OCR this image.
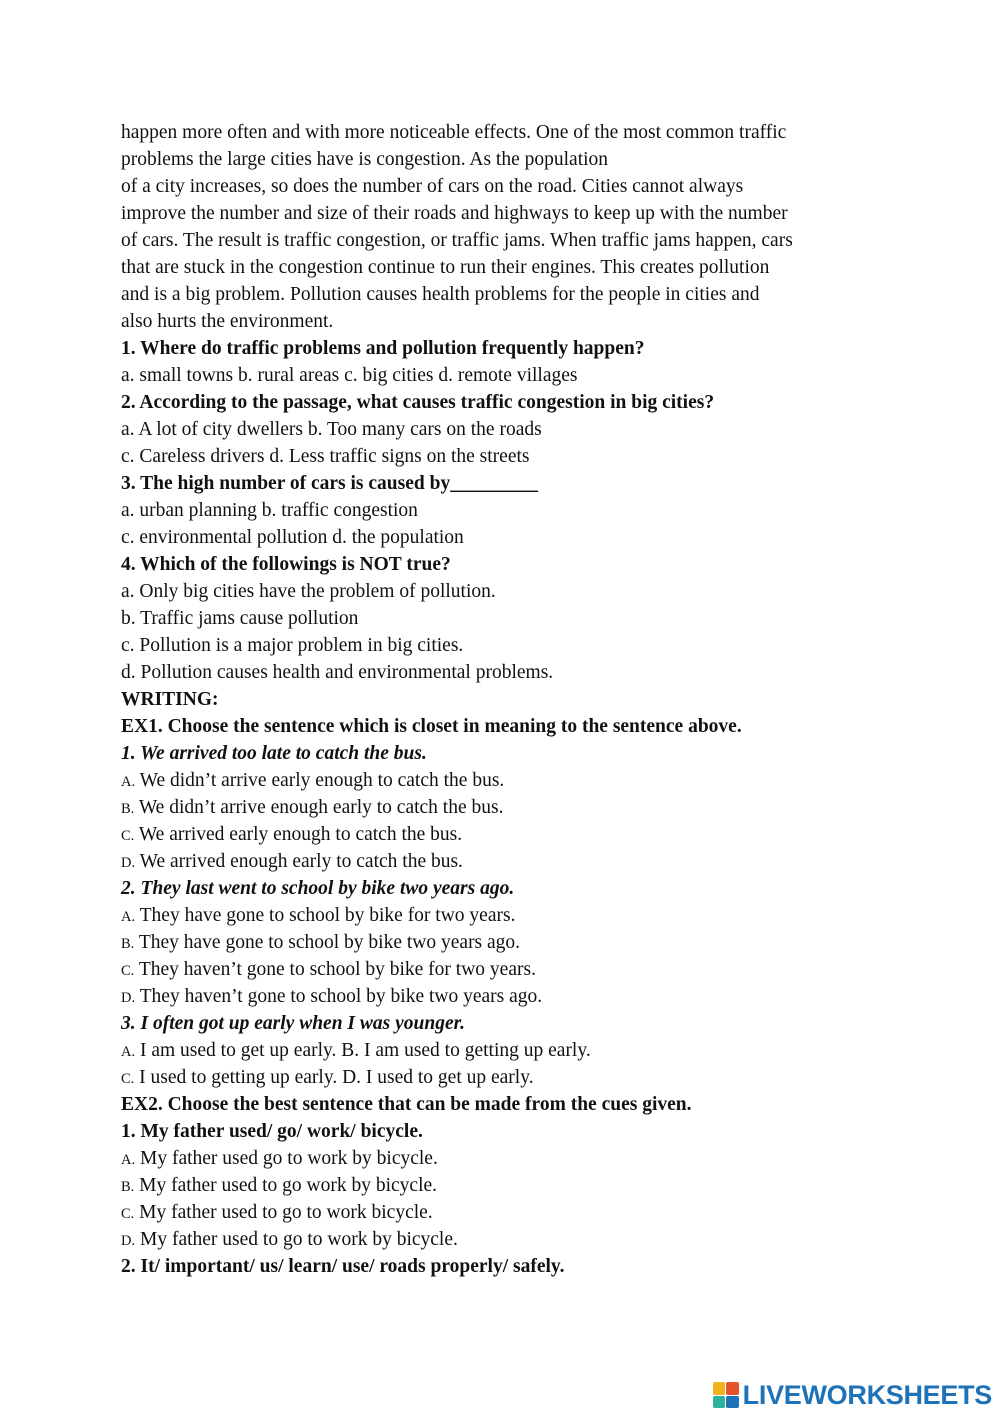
happen more often and with more noticeable effects. One of the most common traffic
problems the large cities have is congestion. As the population
of a city increases, so does the number of cars on the road. Cities cannot always
improve the number and size of their roads and highways to keep up with the number
of cars. The result is traffic congestion, or traffic jams. When traffic jams happen, cars
that are stuck in the congestion continue to run their engines. This creates pollution
and is a big problem. Pollution causes health problems for the people in cities and
also hurts the environment.
1. Where do traffic problems and pollution frequently happen?
a. small towns b. rural areas c. big cities d. remote villages
2. According to the passage, what causes traffic congestion in big cities?
a. A lot of city dwellers b. Too many cars on the roads
c. Careless drivers d. Less traffic signs on the streets
3. The high number of cars is caused by_________
a. urban planning b. traffic congestion
c. environmental pollution d. the population
4. Which of the followings is NOT true?
a. Only big cities have the problem of pollution.
b. Traffic jams cause pollution
c. Pollution is a major problem in big cities.
d. Pollution causes health and environmental problems.
WRITING:
EX1. Choose the sentence which is closet in meaning to the sentence above.
1. We arrived too late to catch the bus.
A. We didn’t arrive early enough to catch the bus.
B. We didn’t arrive enough early to catch the bus.
C. We arrived early enough to catch the bus.
D. We arrived enough early to catch the bus.
2. They last went to school by bike two years ago.
A. They have gone to school by bike for two years.
B. They have gone to school by bike two years ago.
C. They haven’t gone to school by bike for two years.
D. They haven’t gone to school by bike two years ago.
3. I often got up early when I was younger.
A. I am used to get up early. B. I am used to getting up early.
C. I used to getting up early. D. I used to get up early.
EX2. Choose the best sentence that can be made from the cues given.
1. My father used/ go/ work/ bicycle.
A. My father used go to work by bicycle.
B. My father used to go work by bicycle.
C. My father used to go to work bicycle.
D. My father used to go to work by bicycle.
2. It/ important/ us/ learn/ use/ roads properly/ safely.
LIVEWORKSHEETS
